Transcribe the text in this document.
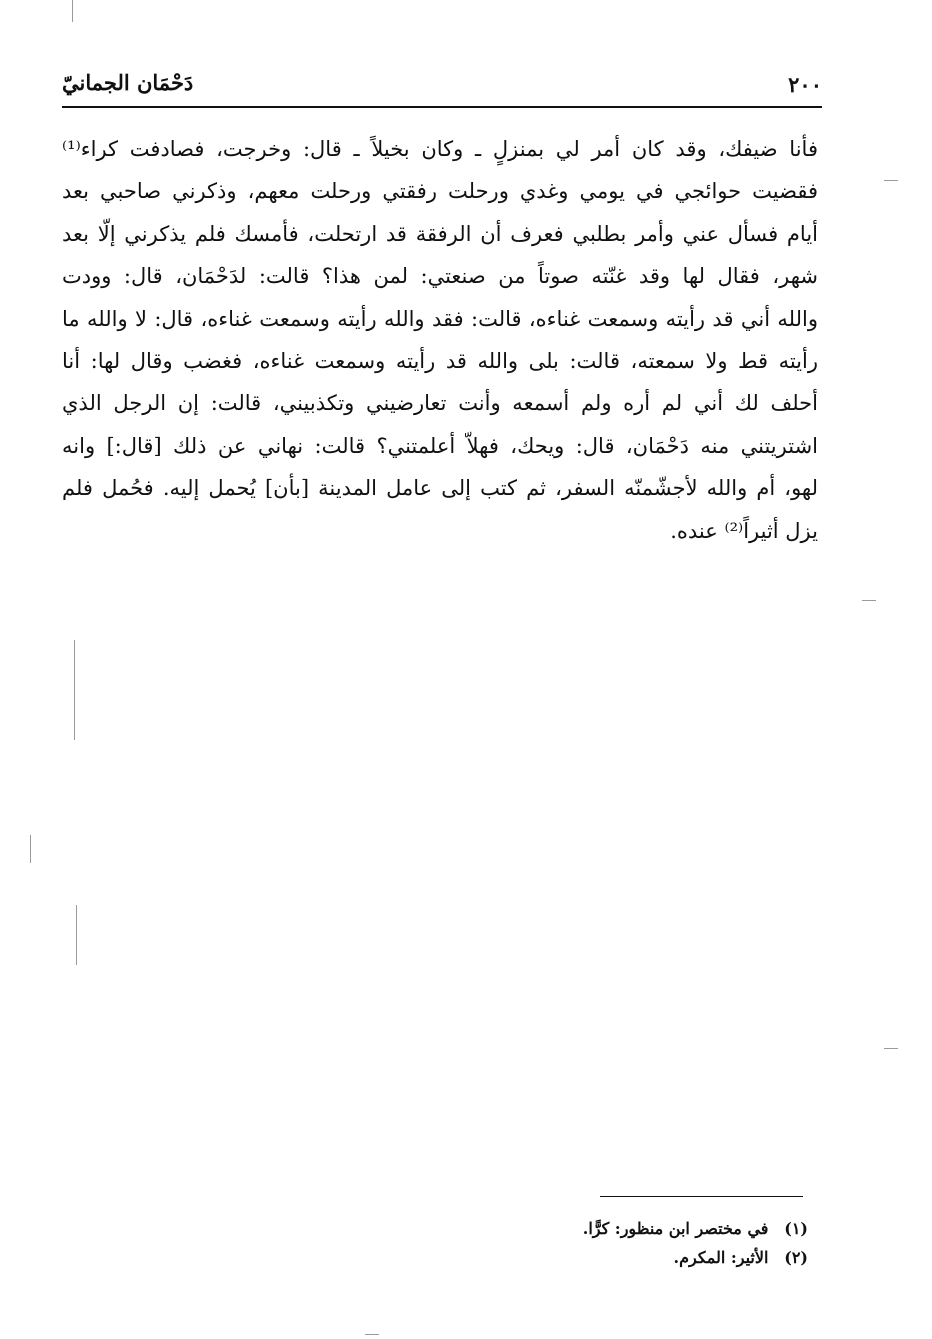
٢٠٠
دَحْمَان الجمانيّ
فأنا ضيفك، وقد كان أمر لي بمنزلٍ ـ وكان بخيلاً ـ قال: وخرجت، فصادفت كراء⁽¹⁾
فقضيت حوائجي في يومي وغدي ورحلت رفقتي ورحلت معهم، وذكرني صاحبي بعد
أيام فسأل عني وأمر بطلبي فعرف أن الرفقة قد ارتحلت، فأمسك فلم يذكرني إلّا بعد
شهر، فقال لها وقد غنّته صوتاً من صنعتي: لمن هذا؟ قالت: لدَحْمَان، قال: وودت
والله أني قد رأيته وسمعت غناءه، قالت: فقد والله رأيته وسمعت غناءه، قال: لا والله ما
رأيته قط ولا سمعته، قالت: بلى والله قد رأيته وسمعت غناءه، فغضب وقال لها: أنا
أحلف لك أني لم أره ولم أسمعه وأنت تعارضيني وتكذبيني، قالت: إن الرجل الذي
اشتريتني منه دَحْمَان، قال: ويحك، فهلاّ أعلمتني؟ قالت: نهاني عن ذلك [قال:] وانه
لهو، أم والله لأجشّمنّه السفر، ثم كتب إلى عامل المدينة [بأن] يُحمل إليه. فحُمل فلم
يزل أثيراً⁽²⁾ عنده.
(١) في مختصر ابن منظور: كرًّا.
(٢) الأثير: المكرم.
